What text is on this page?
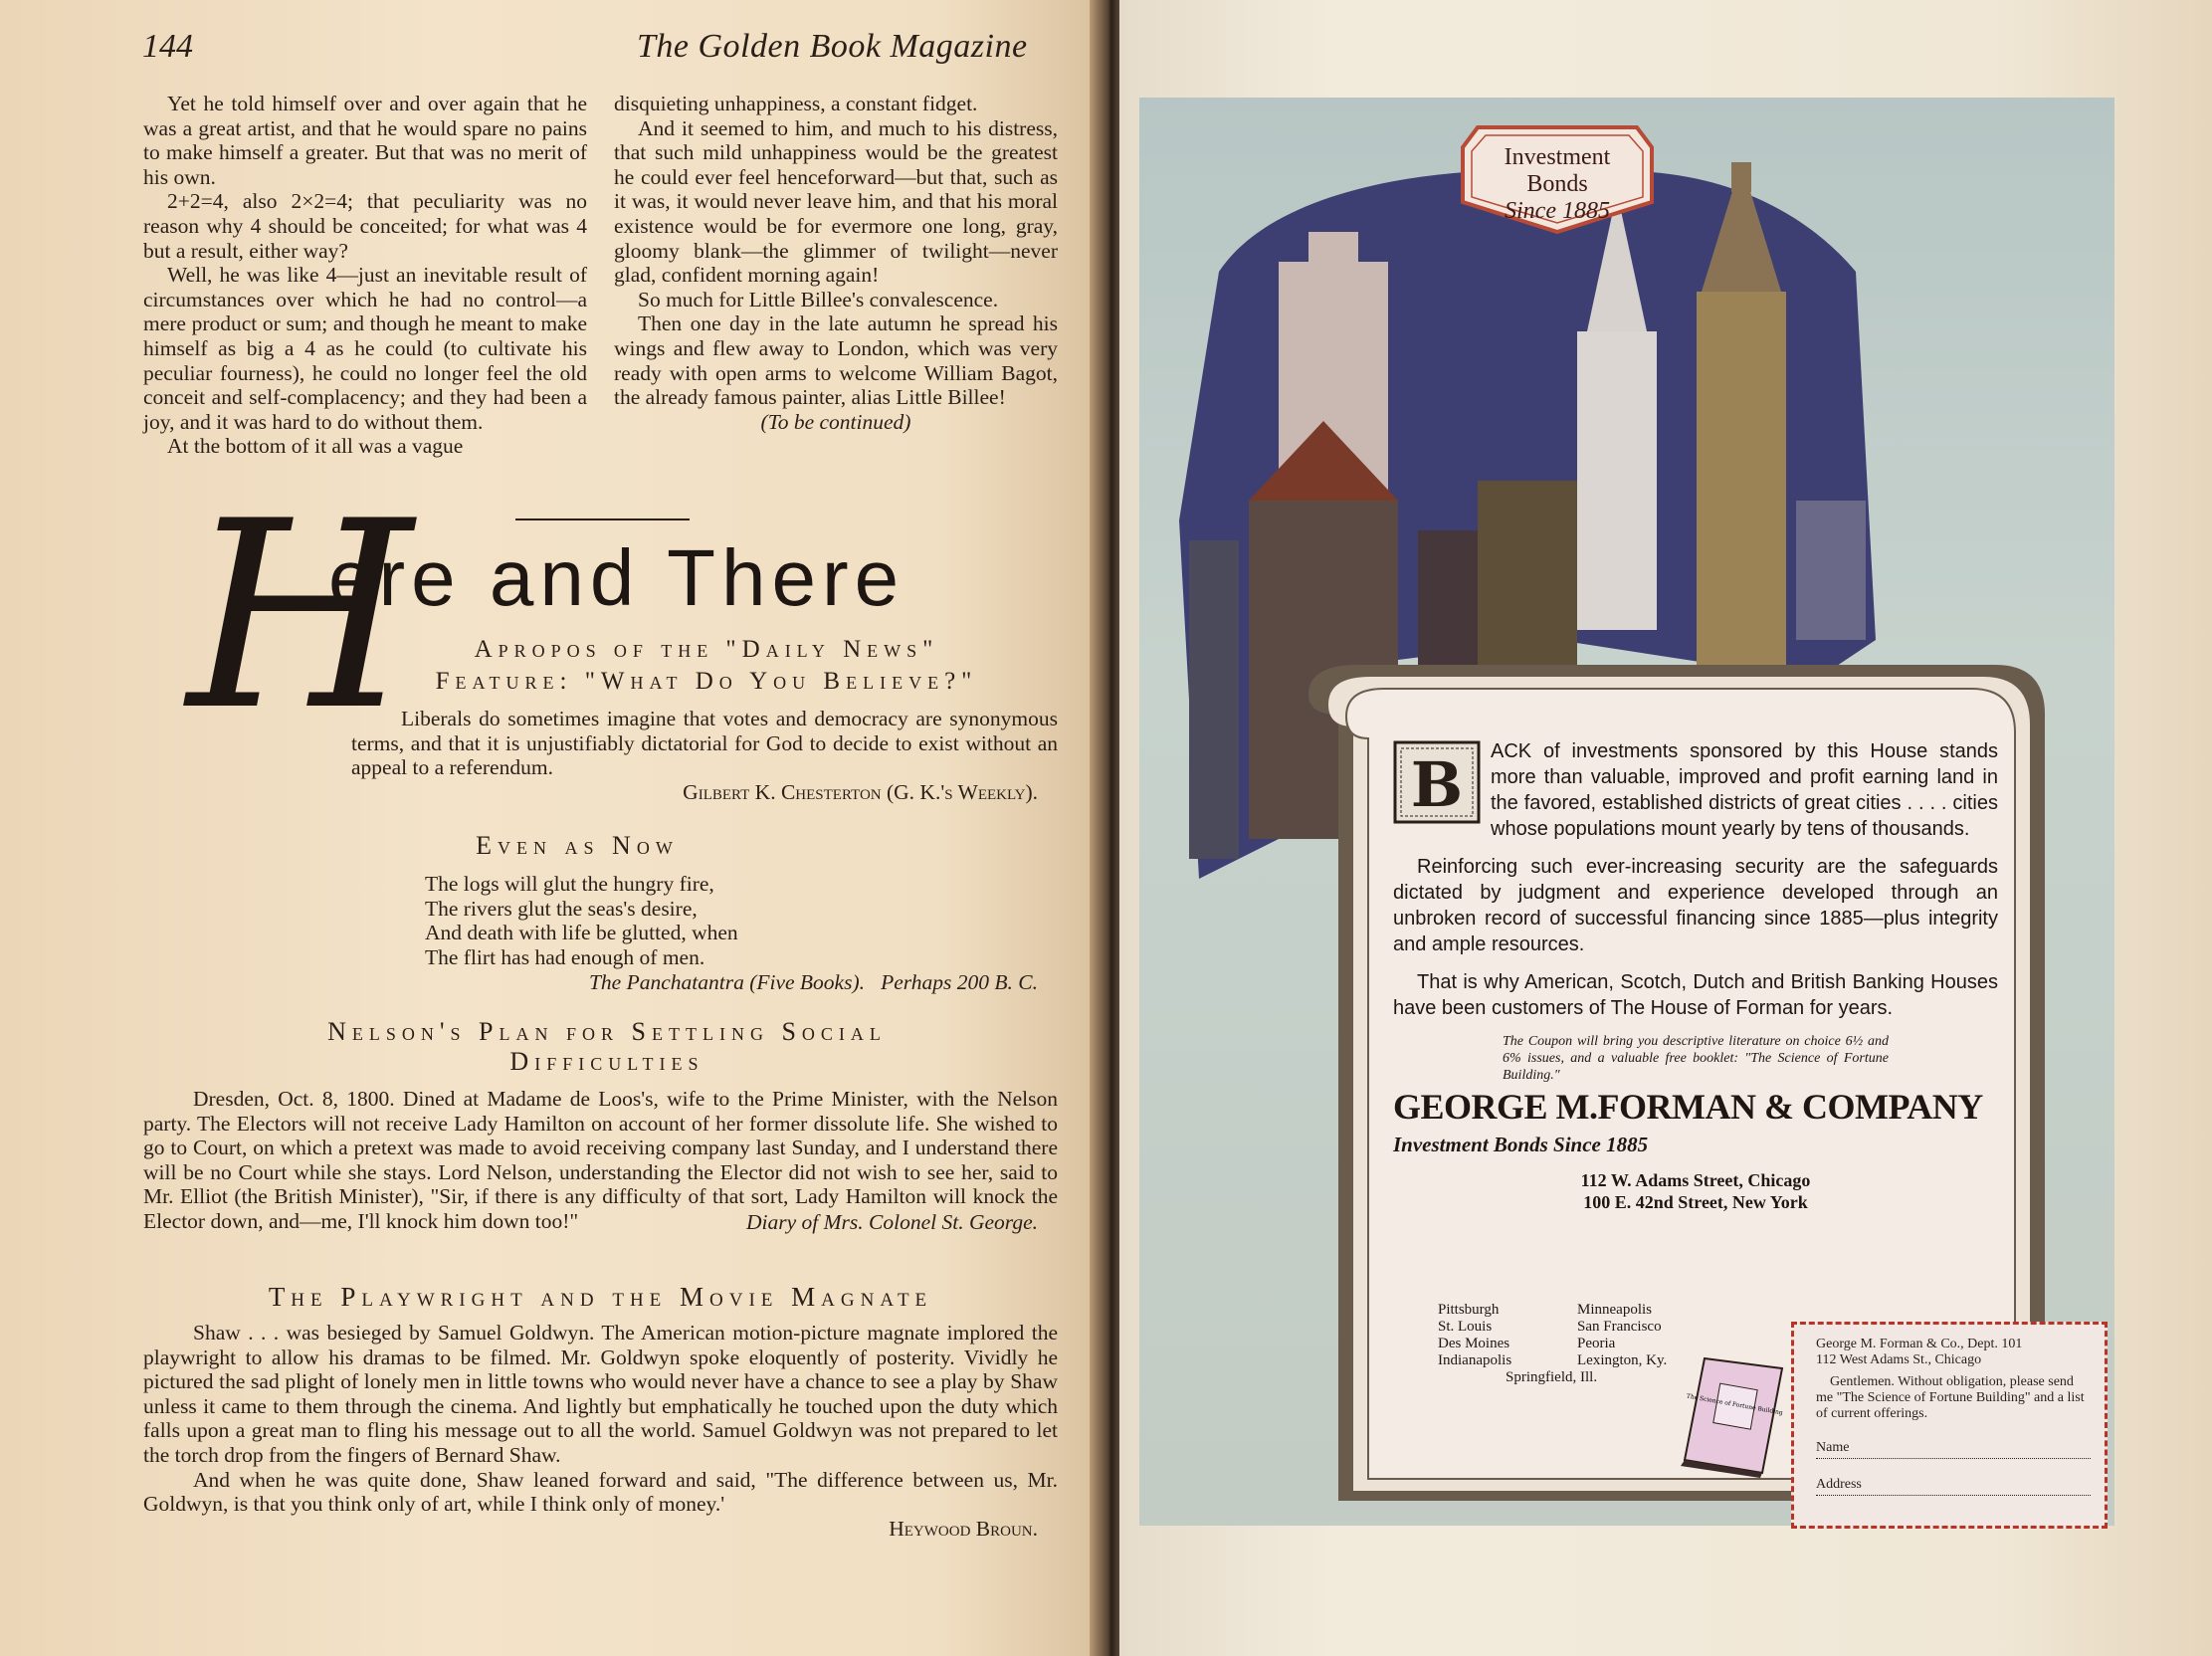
144	The Golden Book Magazine

Yet he told himself over and over again that he was a great artist, and that he would spare no pains to make himself a greater. But that was no merit of his own.

2+2=4, also 2×2=4; that peculiarity was no reason why 4 should be conceited; for what was 4 but a result, either way?

Well, he was like 4—just an inevitable result of circumstances over which he had no control—a mere product or sum; and though he meant to make himself as big a 4 as he could (to cultivate his peculiar fourness), he could no longer feel the old conceit and self-complacency; and they had been a joy, and it was hard to do without them.

At the bottom of it all was a vague

disquieting unhappiness, a constant fidget.

And it seemed to him, and much to his distress, that such mild unhappiness would be the greatest he could ever feel henceforward—but that, such as it was, it would never leave him, and that his moral existence would be for evermore one long, gray, gloomy blank—the glimmer of twilight—never glad, confident morning again!

So much for Little Billee's convalescence.

Then one day in the late autumn he spread his wings and flew away to London, which was very ready with open arms to welcome William Bagot, the already famous painter, alias Little Billee!

(To be continued)

H
ere and There
Apropos of the "Daily News"
Feature: "What Do You Believe?"

Liberals do sometimes imagine that votes and democracy are synonymous terms, and that it is unjustifiably dictatorial for God to decide to exist without an appeal to a referendum.

Gilbert K. Chesterton (G. K.'s Weekly).

Even as Now

The logs will glut the hungry fire,

The rivers glut the seas's desire,

And death with life be glutted, when

The flirt has had enough of men.

The Panchatantra (Five Books).   Perhaps 200 B. C.
Nelson's Plan for Settling Social
Difficulties

Dresden, Oct. 8, 1800. Dined at Madame de Loos's, wife to the Prime Minister, with the Nelson party. The Electors will not receive Lady Hamilton on account of her former dissolute life. She wished to go to Court, on which a pretext was made to avoid receiving company last Sunday, and I understand there will be no Court while she stays. Lord Nelson, understanding the Elector did not wish to see her, said to Mr. Elliot (the British Minister), "Sir, if there is any difficulty of that sort, Lady Hamilton will knock the Elector down, and—me, I'll knock him down too!"	Diary of Mrs. Colonel St. George.

The Playwright and the Movie Magnate

Shaw . . . was besieged by Samuel Goldwyn. The American motion-picture magnate implored the playwright to allow his dramas to be filmed. Mr. Goldwyn spoke eloquently of posterity. Vividly he pictured the sad plight of lonely men in little towns who would never have a chance to see a play by Shaw unless it came to them through the cinema. And lightly but emphatically he touched upon the duty which falls upon a great man to fling his message out to all the world. Samuel Goldwyn was not prepared to let the torch drop from the fingers of Bernard Shaw.

And when he was quite done, Shaw leaned forward and said, "The difference between us, Mr. Goldwyn, is that you think only of art, while I think only of money.'

Heywood Broun.

Investment
Bonds
Since 1885

B ACK of investments sponsored by this House stands more than valuable, improved and profit earning land in the favored, established districts of great cities . . . . cities whose populations mount yearly by tens of thousands.

Reinforcing such ever-increasing security are the safeguards dictated by judgment and experience developed through an unbroken record of successful financing since 1885—plus integrity and ample resources.

That is why American, Scotch, Dutch and British Banking Houses have been customers of The House of Forman for years.

The Coupon will bring you descriptive literature on choice 6½ and 6% issues, and a valuable free booklet: "The Science of Fortune Building."

GEORGE M.FORMAN & COMPANY

Investment Bonds Since 1885

112 W. Adams Street, Chicago
100 E. 42nd Street, New York
Pittsburgh
St. Louis
Des Moines
Indianapolis
Minneapolis
San Francisco
Peoria
Lexington, Ky.
Springfield, Ill.
The Science of Fortune Building
George M. Forman & Co., Dept. 101
112 West Adams St., Chicago
Gentlemen. Without obligation, please send me "The Science of Fortune Building" and a list of current offerings.
Name
Address
